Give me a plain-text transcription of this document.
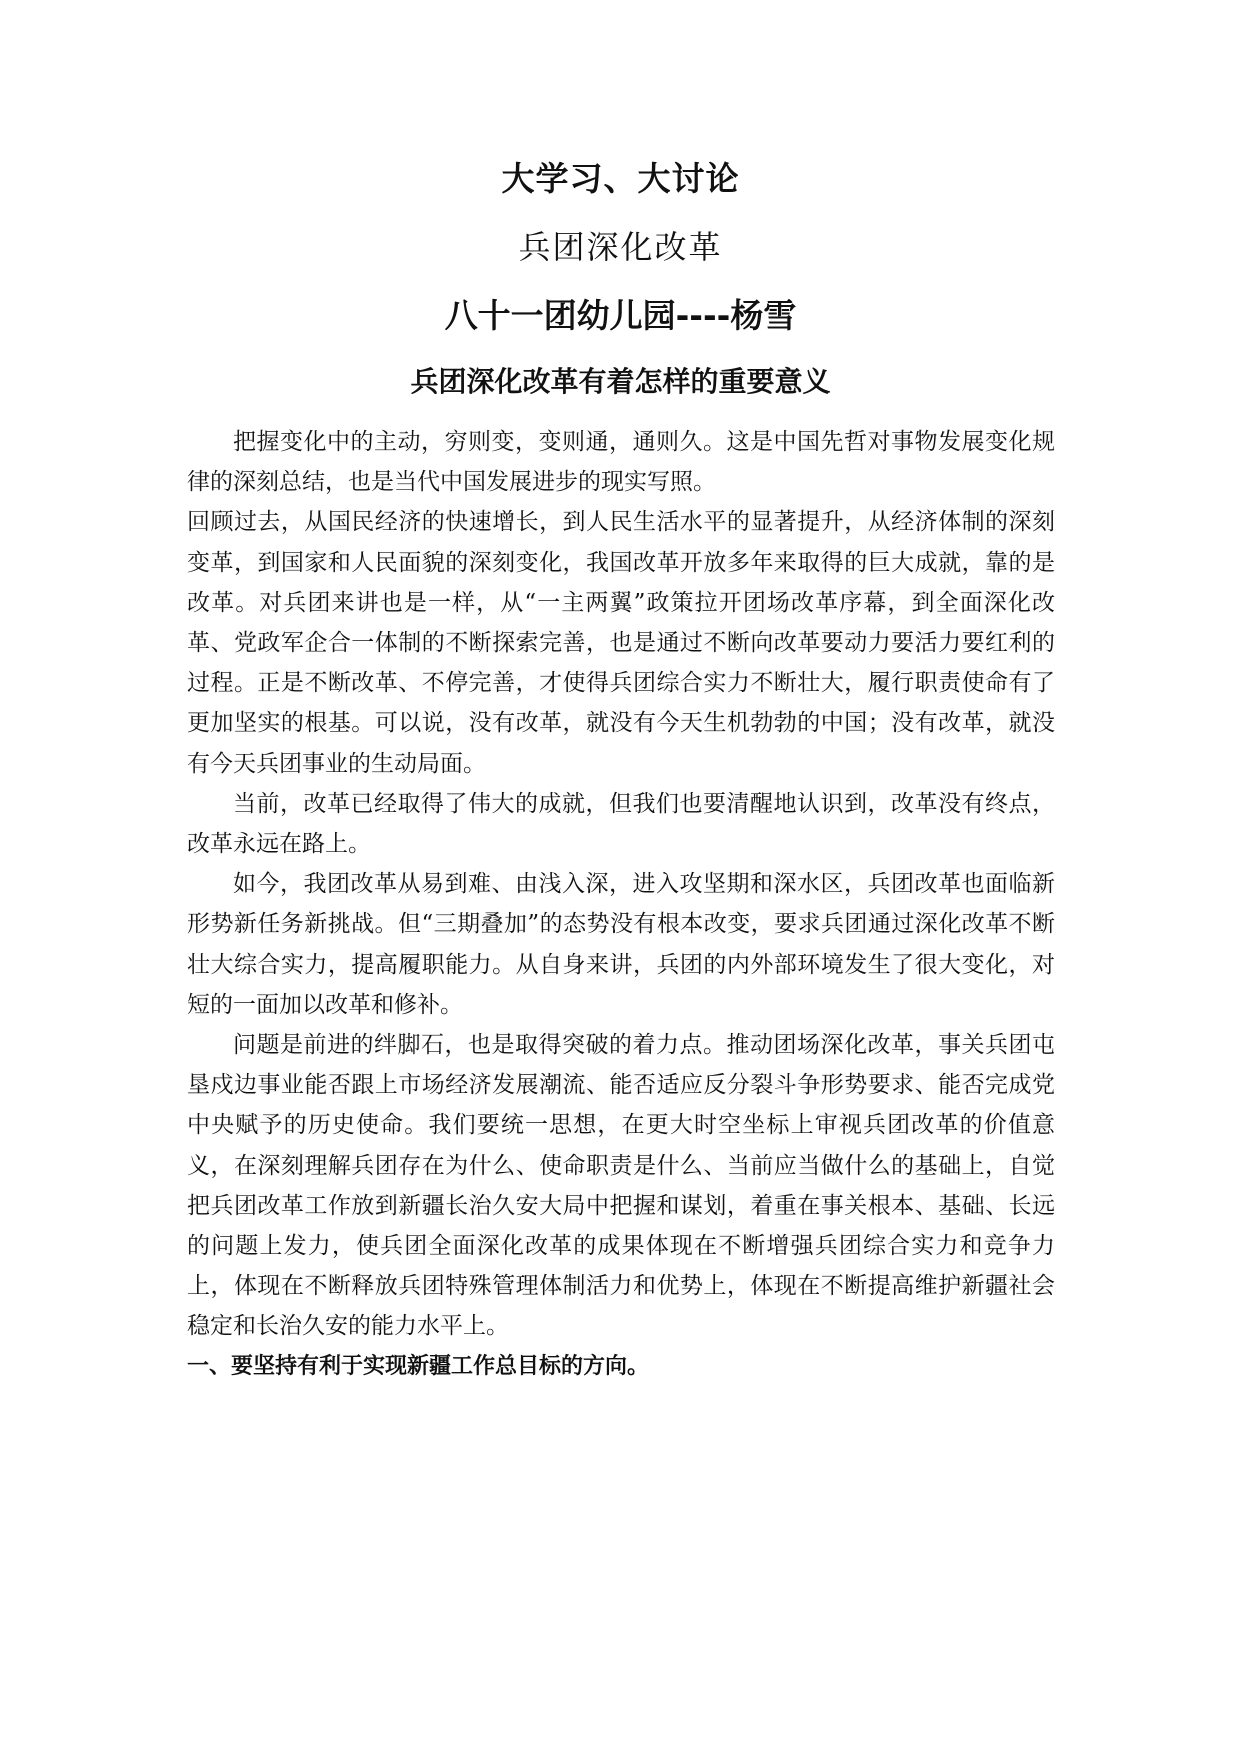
大学习、大讨论
兵团深化改革
八十一团幼儿园----杨雪
兵团深化改革有着怎样的重要意义

把握变化中的主动，穷则变，变则通，通则久。这是中国先哲对事物发展变化规律的深刻总结，也是当代中国发展进步的现实写照。

回顾过去，从国民经济的快速增长，到人民生活水平的显著提升，从经济体制的深刻变革，到国家和人民面貌的深刻变化，我国改革开放多年来取得的巨大成就，靠的是改革。对兵团来讲也是一样，从“一主两翼”政策拉开团场改革序幕，到全面深化改革、党政军企合一体制的不断探索完善，也是通过不断向改革要动力要活力要红利的过程。正是不断改革、不停完善，才使得兵团综合实力不断壮大，履行职责使命有了更加坚实的根基。可以说，没有改革，就没有今天生机勃勃的中国；没有改革，就没有今天兵团事业的生动局面。

当前，改革已经取得了伟大的成就，但我们也要清醒地认识到，改革没有终点，改革永远在路上。

如今，我团改革从易到难、由浅入深，进入攻坚期和深水区，兵团改革也面临新形势新任务新挑战。但“三期叠加”的态势没有根本改变，要求兵团通过深化改革不断壮大综合实力，提高履职能力。从自身来讲，兵团的内外部环境发生了很大变化，对短的一面加以改革和修补。

问题是前进的绊脚石，也是取得突破的着力点。推动团场深化改革，事关兵团屯垦戍边事业能否跟上市场经济发展潮流、能否适应反分裂斗争形势要求、能否完成党中央赋予的历史使命。我们要统一思想，在更大时空坐标上审视兵团改革的价值意义，在深刻理解兵团存在为什么、使命职责是什么、当前应当做什么的基础上，自觉把兵团改革工作放到新疆长治久安大局中把握和谋划，着重在事关根本、基础、长远的问题上发力，使兵团全面深化改革的成果体现在不断增强兵团综合实力和竞争力上，体现在不断释放兵团特殊管理体制活力和优势上，体现在不断提高维护新疆社会稳定和长治久安的能力水平上。

一、要坚持有利于实现新疆工作总目标的方向。
